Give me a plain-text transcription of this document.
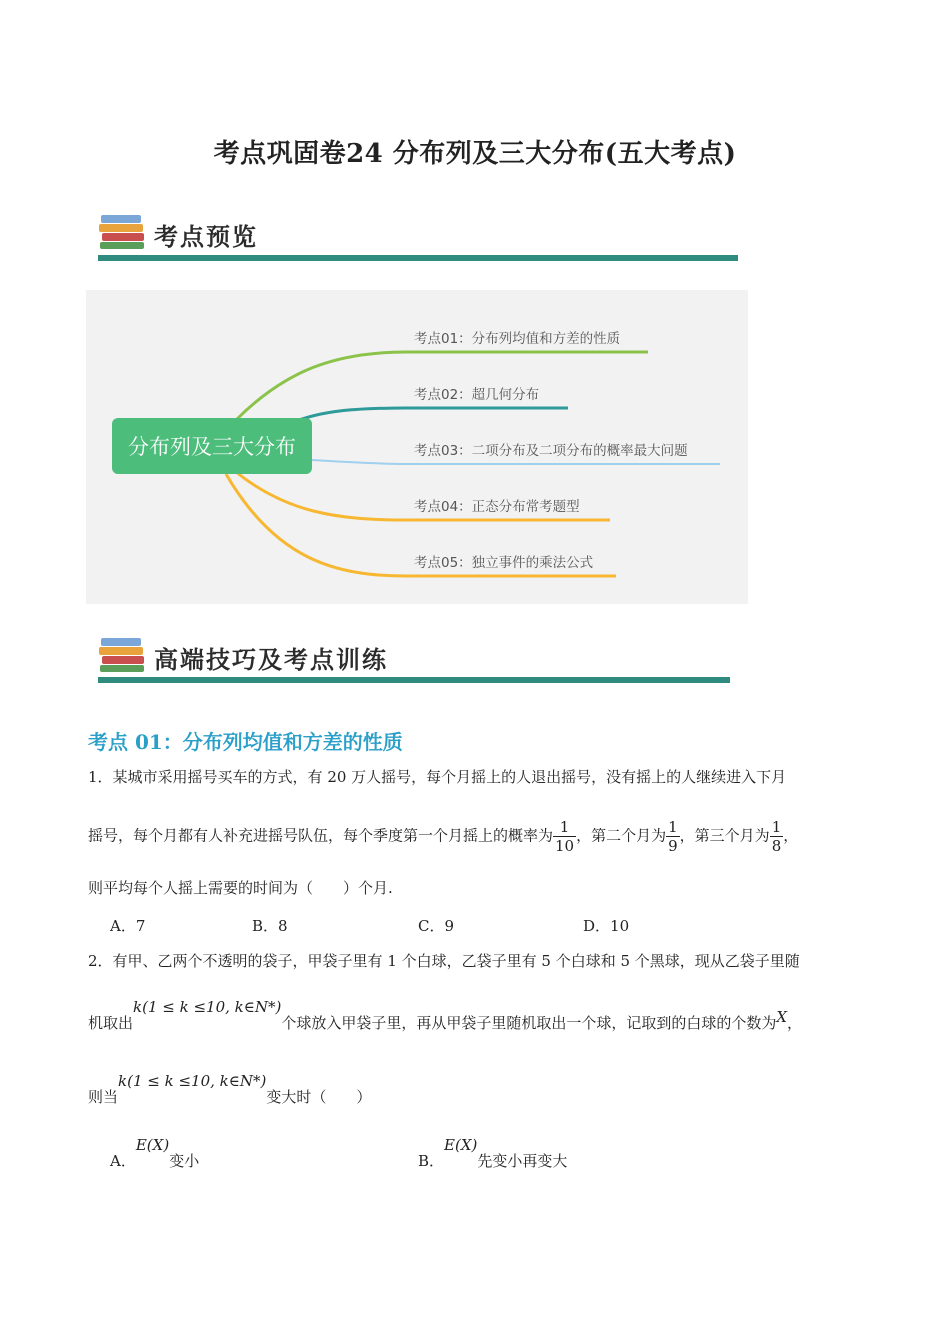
考点巩固卷24 分布列及三大分布(五大考点)
考点预览
分布列及三大分布
考点01：分布列均值和方差的性质
考点02：超几何分布
考点03：二项分布及二项分布的概率最大问题
考点04：正态分布常考题型
考点05：独立事件的乘法公式
高端技巧及考点训练
考点 01：分布列均值和方差的性质
1．某城市采用摇号买车的方式，有 20 万人摇号，每个月摇上的人退出摇号，没有摇上的人继续进入下月
摇号，每个月都有人补充进摇号队伍，每个季度第一个月摇上的概率为 $\frac{1}{10}$ ，第二个月为 $\frac{1}{9}$ ，第三个月为 $\frac{1}{8}$ ，
则平均每个人摇上需要的时间为（　　）个月.
A．7	B．8	C．9	D．10
2．有甲、乙两个不透明的袋子，甲袋子里有 1 个白球，乙袋子里有 5 个白球和 5 个黑球，现从乙袋子里随
机取出k(1 ≤ k ≤10, k∈N*)个球放入甲袋子里，再从甲袋子里随机取出一个球，记取到的白球的个数为X，
则当k(1 ≤ k ≤10, k∈N*)变大时（　　）
A．E(X)变小	B．E(X)先变小再变大
